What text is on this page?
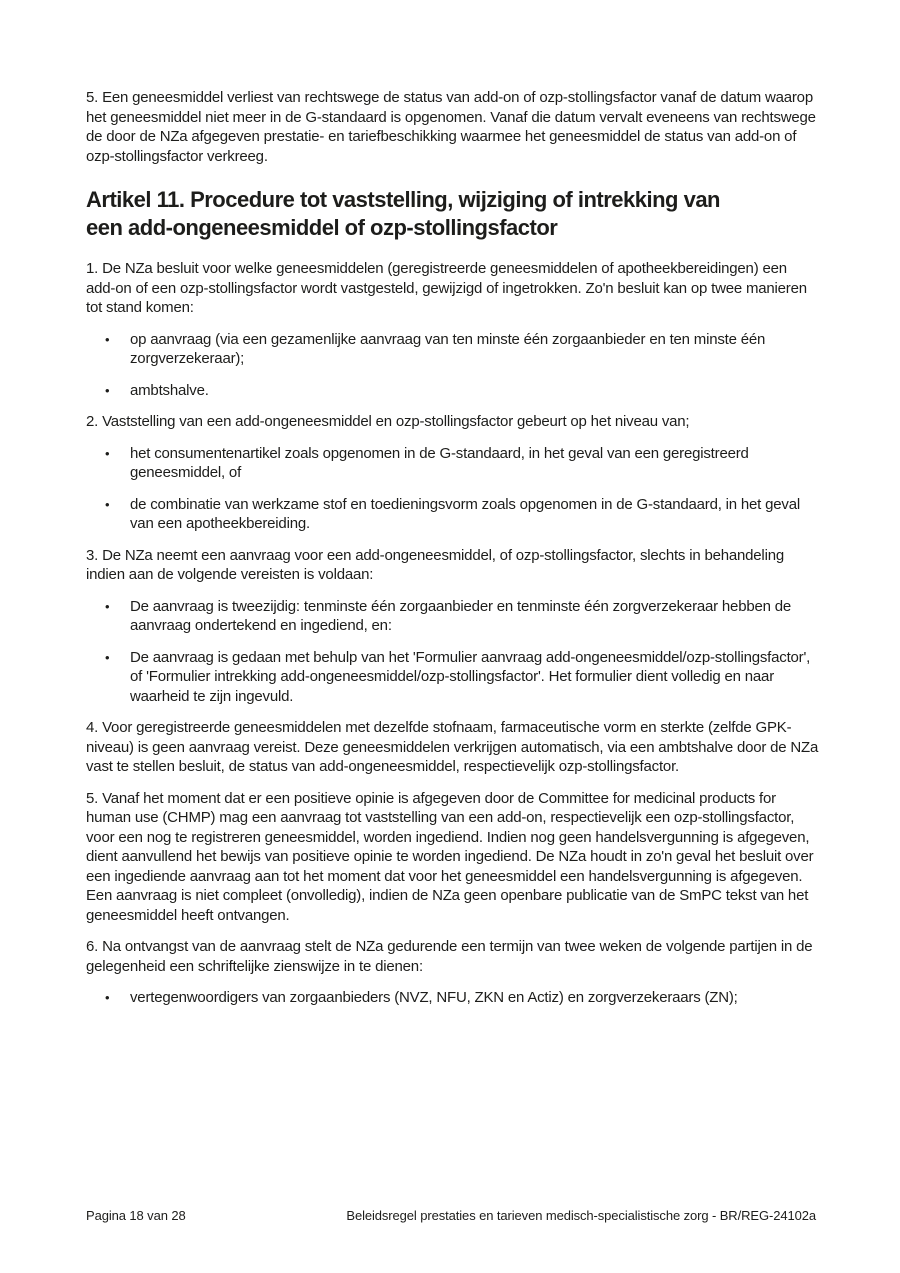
5. Een geneesmiddel verliest van rechtswege de status van add-on of ozp-stollingsfactor vanaf de datum waarop het geneesmiddel niet meer in de G-standaard is opgenomen. Vanaf die datum vervalt eveneens van rechtswege de door de NZa afgegeven prestatie- en tariefbeschikking waarmee het geneesmiddel de status van add-on of ozp-stollingsfactor verkreeg.

Artikel 11. Procedure tot vaststelling, wijziging of intrekking van
een add-ongeneesmiddel of ozp-stollingsfactor

1. De NZa besluit voor welke geneesmiddelen (geregistreerde geneesmiddelen of apotheekbereidingen) een add-on of een ozp-stollingsfactor wordt vastgesteld, gewijzigd of ingetrokken. Zo'n besluit kan op twee manieren tot stand komen:

•	op aanvraag (via een gezamenlijke aanvraag van ten minste één zorgaanbieder en ten minste één zorgverzekeraar);
•	ambtshalve.

2. Vaststelling van een add-ongeneesmiddel en ozp-stollingsfactor gebeurt op het niveau van;

•	het consumentenartikel zoals opgenomen in de G-standaard, in het geval van een geregistreerd geneesmiddel, of
•	de combinatie van werkzame stof en toedieningsvorm zoals opgenomen in de G-standaard, in het geval van een apotheekbereiding.

3. De NZa neemt een aanvraag voor een add-ongeneesmiddel, of ozp-stollingsfactor, slechts in behandeling indien aan de volgende vereisten is voldaan:

•	De aanvraag is tweezijdig: tenminste één zorgaanbieder en tenminste één zorgverzekeraar hebben de aanvraag ondertekend en ingediend, en:
•	De aanvraag is gedaan met behulp van het 'Formulier aanvraag add-ongeneesmiddel/ozp-stollingsfactor', of 'Formulier intrekking add-ongeneesmiddel/ozp-stollingsfactor'. Het formulier dient volledig en naar waarheid te zijn ingevuld.

4. Voor geregistreerde geneesmiddelen met dezelfde stofnaam, farmaceutische vorm en sterkte (zelfde GPK-niveau) is geen aanvraag vereist. Deze geneesmiddelen verkrijgen automatisch, via een ambtshalve door de NZa vast te stellen besluit, de status van add-ongeneesmiddel, respectievelijk ozp-stollingsfactor.

5. Vanaf het moment dat er een positieve opinie is afgegeven door de Committee for medicinal products for human use (CHMP) mag een aanvraag tot vaststelling van een add-on, respectievelijk een ozp-stollingsfactor, voor een nog te registreren geneesmiddel, worden ingediend. Indien nog geen handelsvergunning is afgegeven, dient aanvullend het bewijs van positieve opinie te worden ingediend. De NZa houdt in zo'n geval het besluit over een ingediende aanvraag aan tot het moment dat voor het geneesmiddel een handelsvergunning is afgegeven. Een aanvraag is niet compleet (onvolledig), indien de NZa geen openbare publicatie van de SmPC tekst van het geneesmiddel heeft ontvangen.

6. Na ontvangst van de aanvraag stelt de NZa gedurende een termijn van twee weken de volgende partijen in de gelegenheid een schriftelijke zienswijze in te dienen:

•	vertegenwoordigers van zorgaanbieders (NVZ, NFU, ZKN en Actiz) en zorgverzekeraars (ZN);
Pagina 18 van 28	Beleidsregel prestaties en tarieven medisch-specialistische zorg - BR/REG-24102a
